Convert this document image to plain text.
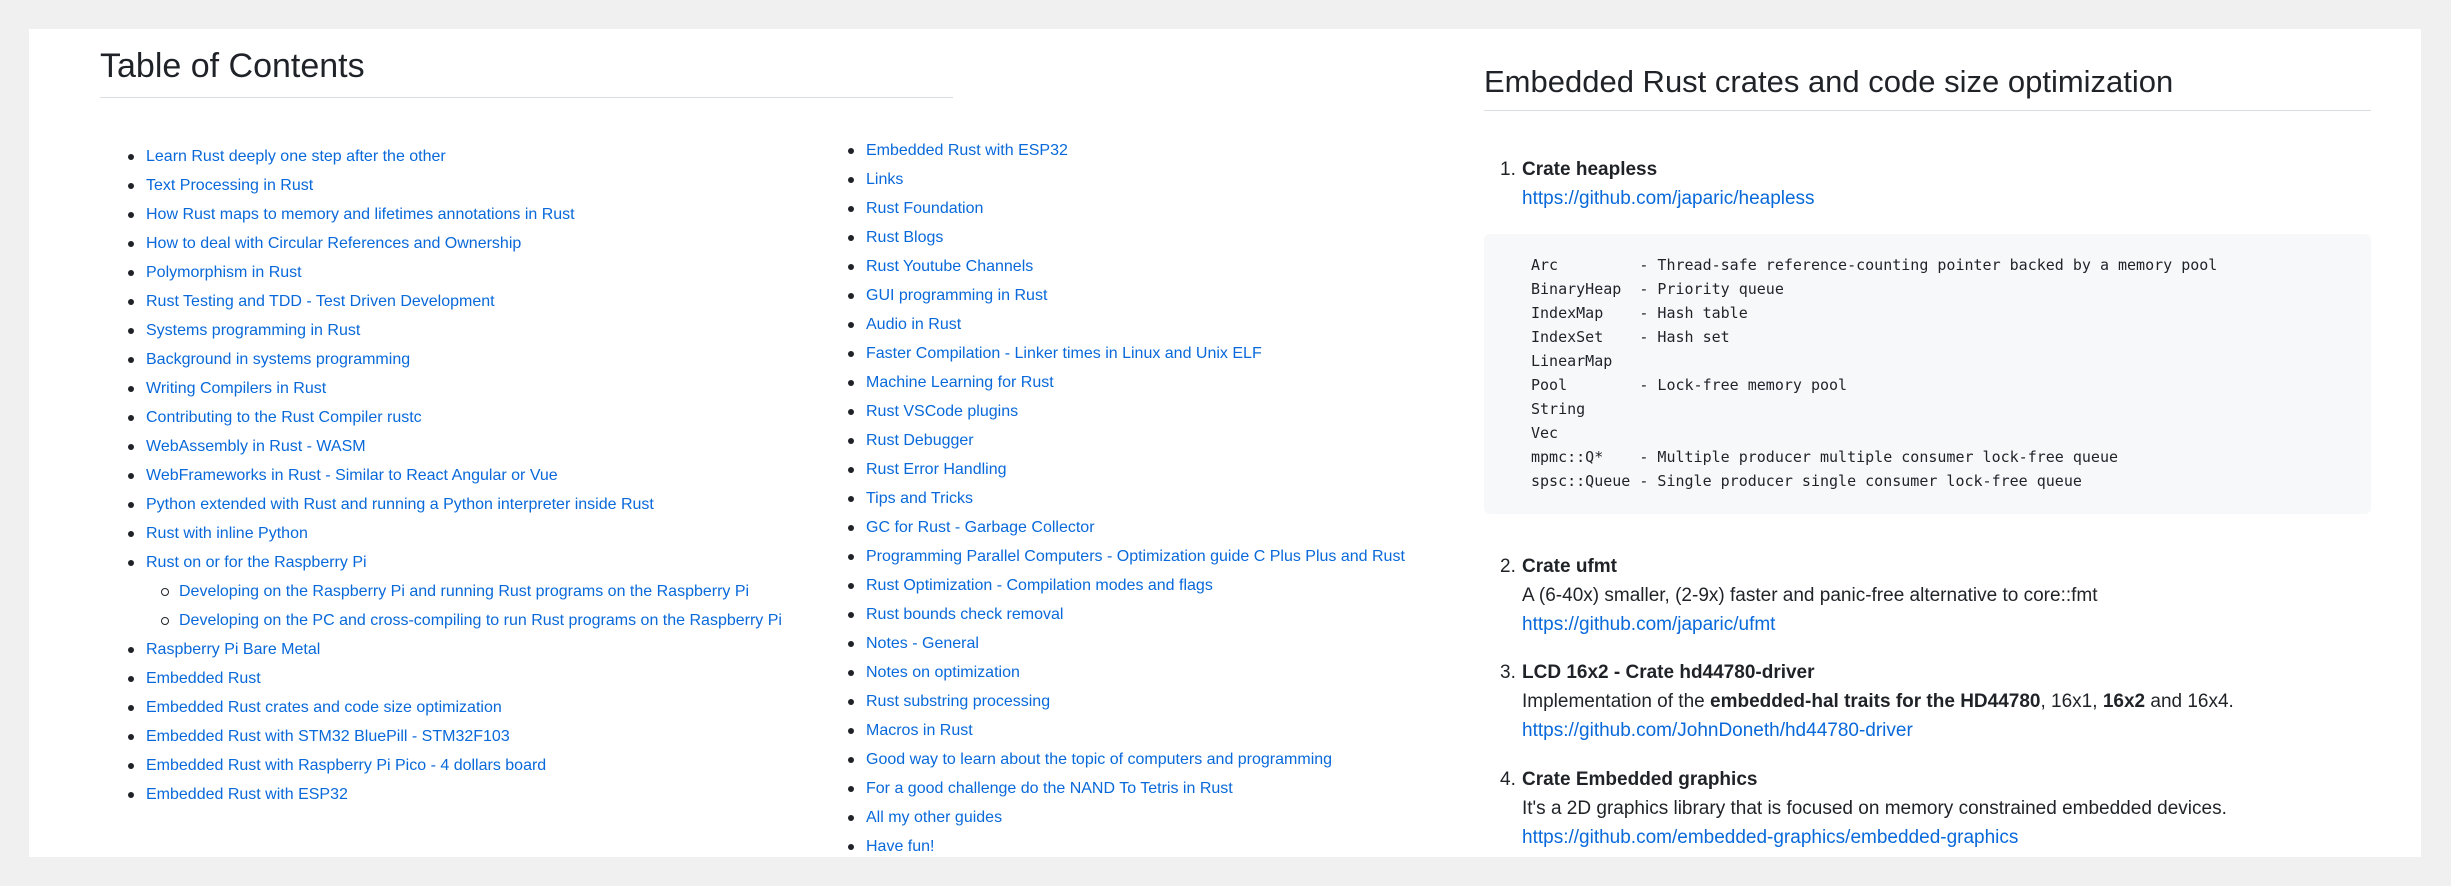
Table of Contents
Learn Rust deeply one step after the other
Text Processing in Rust
How Rust maps to memory and lifetimes annotations in Rust
How to deal with Circular References and Ownership
Polymorphism in Rust
Rust Testing and TDD - Test Driven Development
Systems programming in Rust
Background in systems programming
Writing Compilers in Rust
Contributing to the Rust Compiler rustc
WebAssembly in Rust - WASM
WebFrameworks in Rust - Similar to React Angular or Vue
Python extended with Rust and running a Python interpreter inside Rust
Rust with inline Python
Rust on or for the Raspberry Pi
Developing on the Raspberry Pi and running Rust programs on the Raspberry Pi
Developing on the PC and cross-compiling to run Rust programs on the Raspberry Pi
Raspberry Pi Bare Metal
Embedded Rust
Embedded Rust crates and code size optimization
Embedded Rust with STM32 BluePill - STM32F103
Embedded Rust with Raspberry Pi Pico - 4 dollars board
Embedded Rust with ESP32
Embedded Rust with ESP32
Links
Rust Foundation
Rust Blogs
Rust Youtube Channels
GUI programming in Rust
Audio in Rust
Faster Compilation - Linker times in Linux and Unix ELF
Machine Learning for Rust
Rust VSCode plugins
Rust Debugger
Rust Error Handling
Tips and Tricks
GC for Rust - Garbage Collector
Programming Parallel Computers - Optimization guide C Plus Plus and Rust
Rust Optimization - Compilation modes and flags
Rust bounds check removal
Notes - General
Notes on optimization
Rust substring processing
Macros in Rust
Good way to learn about the topic of computers and programming
For a good challenge do the NAND To Tetris in Rust
All my other guides
Have fun!
Embedded Rust crates and code size optimization
1. Crate heapless
https://github.com/japaric/heapless
Arc         - Thread-safe reference-counting pointer backed by a memory pool
BinaryHeap  - Priority queue
IndexMap    - Hash table
IndexSet    - Hash set
LinearMap
Pool        - Lock-free memory pool
String
Vec
mpmc::Q*    - Multiple producer multiple consumer lock-free queue
spsc::Queue - Single producer single consumer lock-free queue
2. Crate ufmt
A (6-40x) smaller, (2-9x) faster and panic-free alternative to core::fmt
https://github.com/japaric/ufmt
3. LCD 16x2 - Crate hd44780-driver
Implementation of the embedded-hal traits for the HD44780, 16x1, 16x2 and 16x4.
https://github.com/JohnDoneth/hd44780-driver
4. Crate Embedded graphics
It's a 2D graphics library that is focused on memory constrained embedded devices.
https://github.com/embedded-graphics/embedded-graphics
